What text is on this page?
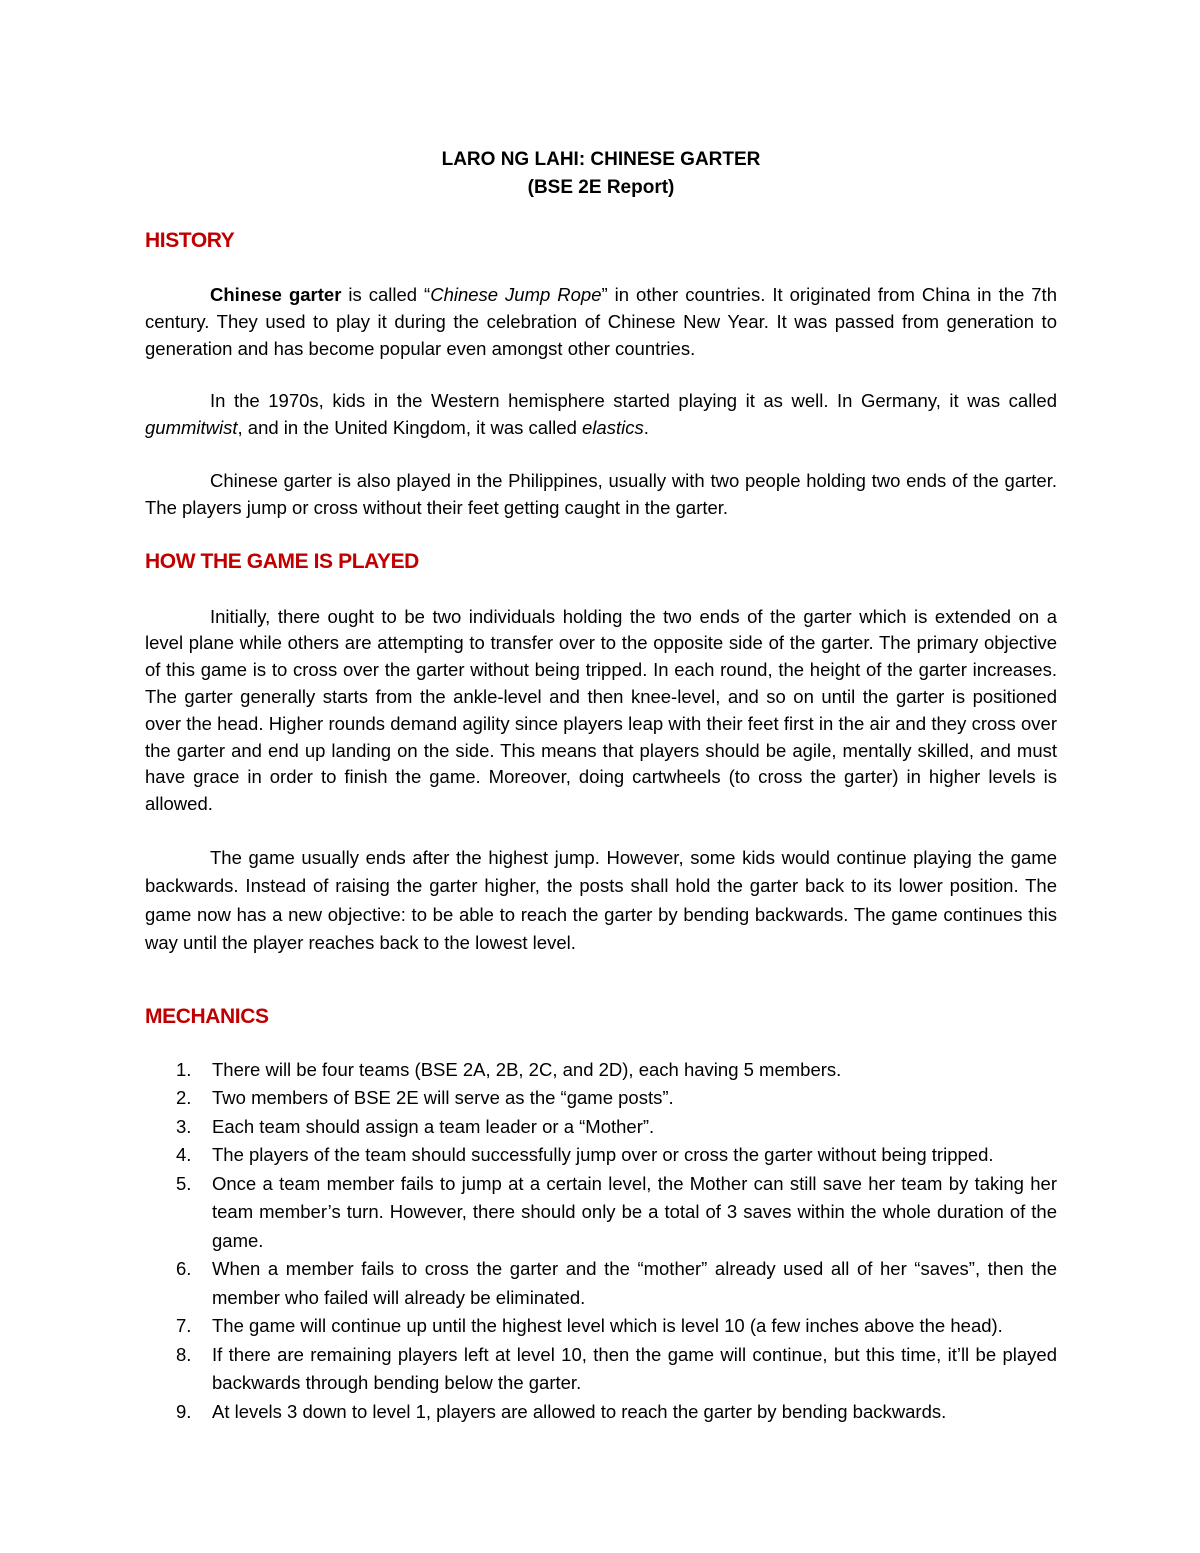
LARO NG LAHI: CHINESE GARTER

(BSE 2E Report)

HISTORY

Chinese garter is called “Chinese Jump Rope” in other countries. It originated from China in the 7th century. They used to play it during the celebration of Chinese New Year. It was passed from generation to generation and has become popular even amongst other countries.

In the 1970s, kids in the Western hemisphere started playing it as well. In Germany, it was called gummitwist, and in the United Kingdom, it was called elastics.

Chinese garter is also played in the Philippines, usually with two people holding two ends of the garter. The players jump or cross without their feet getting caught in the garter.

HOW THE GAME IS PLAYED

Initially, there ought to be two individuals holding the two ends of the garter which is extended on a level plane while others are attempting to transfer over to the opposite side of the garter. The primary objective of this game is to cross over the garter without being tripped. In each round, the height of the garter increases. The garter generally starts from the ankle-level and then knee-level, and so on until the garter is positioned over the head. Higher rounds demand agility since players leap with their feet first in the air and they cross over the garter and end up landing on the side. This means that players should be agile, mentally skilled, and must have grace in order to finish the game. Moreover, doing cartwheels (to cross the garter) in higher levels is allowed.

The game usually ends after the highest jump. However, some kids would continue playing the game backwards. Instead of raising the garter higher, the posts shall hold the garter back to its lower position. The game now has a new objective: to be able to reach the garter by bending backwards. The game continues this way until the player reaches back to the lowest level.

MECHANICS
1. There will be four teams (BSE 2A, 2B, 2C, and 2D), each having 5 members.
2. Two members of BSE 2E will serve as the “game posts”.
3. Each team should assign a team leader or a “Mother”.
4. The players of the team should successfully jump over or cross the garter without being tripped.
5. Once a team member fails to jump at a certain level, the Mother can still save her team by taking her team member’s turn. However, there should only be a total of 3 saves within the whole duration of the game.
6. When a member fails to cross the garter and the “mother” already used all of her “saves”, then the member who failed will already be eliminated.
7. The game will continue up until the highest level which is level 10 (a few inches above the head).
8. If there are remaining players left at level 10, then the game will continue, but this time, it’ll be played backwards through bending below the garter.
9. At levels 3 down to level 1, players are allowed to reach the garter by bending backwards.
